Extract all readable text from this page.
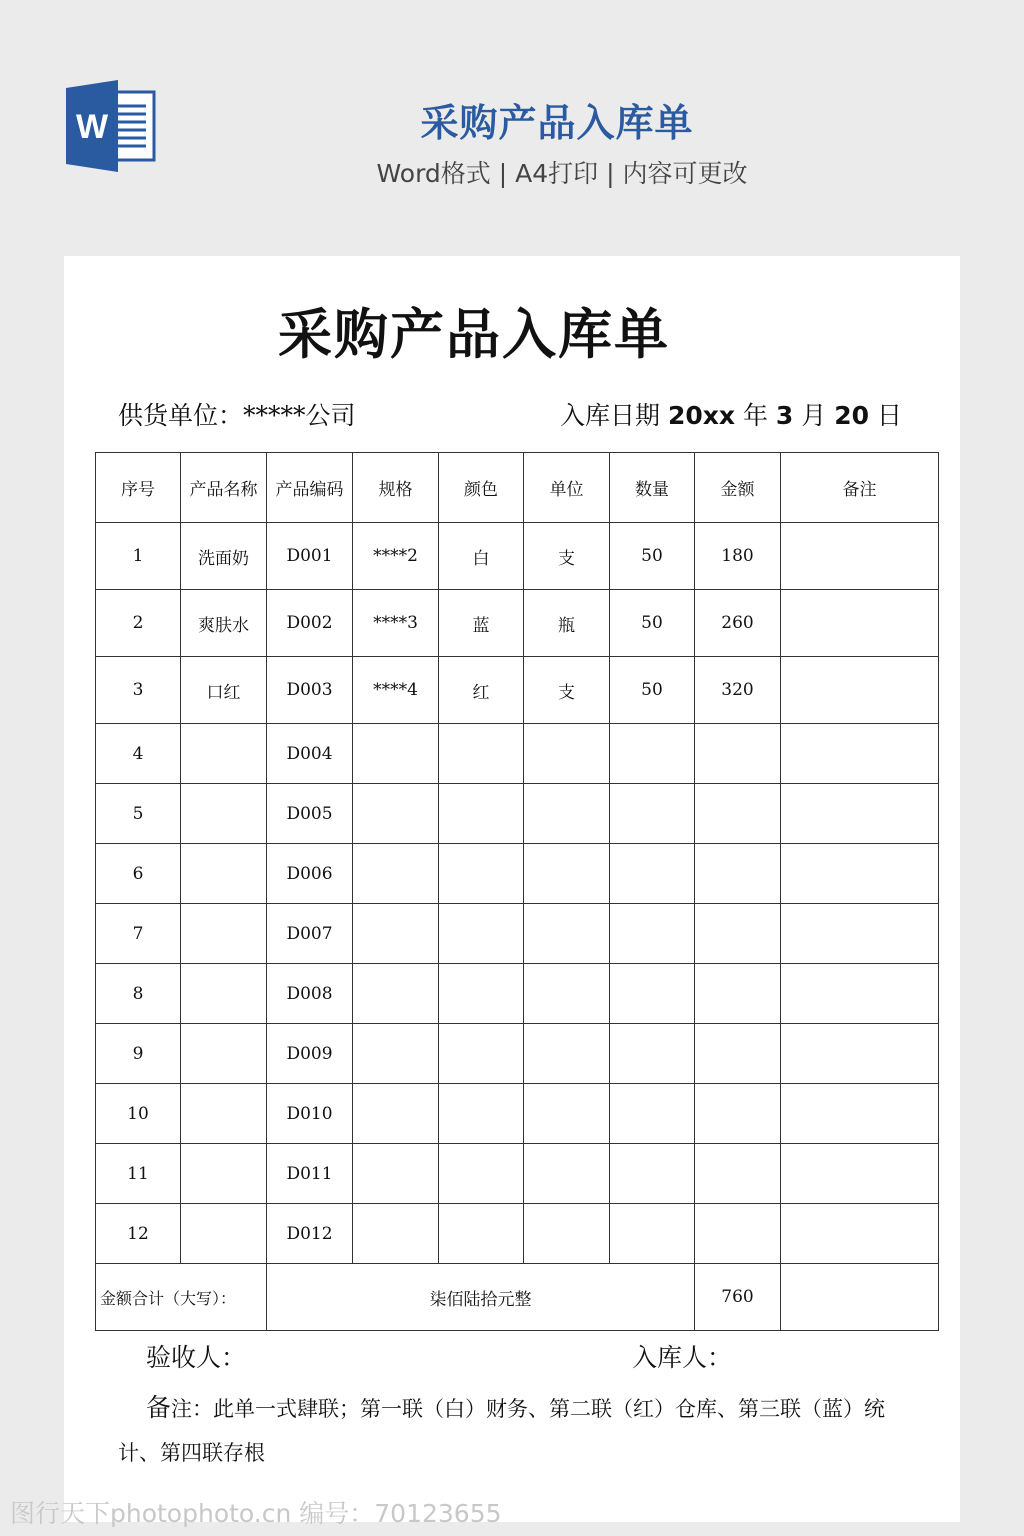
W	采购产品入库单
Word格式 | A4打印 | 内容可更改
采购产品入库单
供货单位：*****公司	入库日期 20xx 年 3 月 20 日
序号	产品名称	产品编码	规格	颜色	单位	数量	金额	备注
1	洗面奶	D001	****2	白	支	50	180	
2	爽肤水	D002	****3	蓝	瓶	50	260	
3	口红	D003	****4	红	支	50	320	
4		D004						
5		D005						
6		D006						
7		D007						
8		D008						
9		D009						
10		D010						
11		D011						
12		D012						
金额合计（大写）：		柒佰陆拾元整					760	
验收人：	入库人：
备注：此单一式肆联；第一联（白）财务、第二联（红）仓库、第三联（蓝）统计、第四联存根
图行天下photophoto.cn 编号：70123655
